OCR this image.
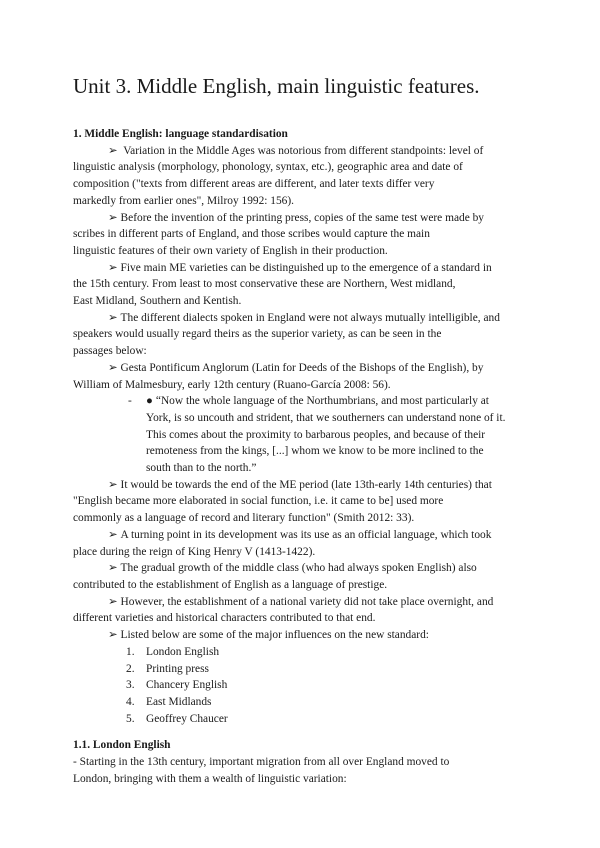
Unit 3. Middle English, main linguistic features.

1. Middle English: language standardisation

➢ Variation in the Middle Ages was notorious from different standpoints: level of
linguistic analysis (morphology, phonology, syntax, etc.), geographic area and date of
composition ("texts from different areas are different, and later texts differ very
markedly from earlier ones", Milroy 1992: 156).
➢ Before the invention of the printing press, copies of the same test were made by
scribes in different parts of England, and those scribes would capture the main
linguistic features of their own variety of English in their production.
➢ Five main ME varieties can be distinguished up to the emergence of a standard in
the 15th century. From least to most conservative these are Northern, West midland,
East Midland, Southern and Kentish.
➢ The different dialects spoken in England were not always mutually intelligible, and
speakers would usually regard theirs as the superior variety, as can be seen in the
passages below:
➢ Gesta Pontificum Anglorum (Latin for Deeds of the Bishops of the English), by
William of Malmesbury, early 12th century (Ruano-García 2008: 56).
- ● “Now the whole language of the Northumbrians, and most particularly at
York, is so uncouth and strident, that we southerners can understand none of it.
This comes about the proximity to barbarous peoples, and because of their
remoteness from the kings, [...] whom we know to be more inclined to the
south than to the north.”
➢ It would be towards the end of the ME period (late 13th-early 14th centuries) that
"English became more elaborated in social function, i.e. it came to be] used more
commonly as a language of record and literary function" (Smith 2012: 33).
➢ A turning point in its development was its use as an official language, which took
place during the reign of King Henry V (1413-1422).
➢ The gradual growth of the middle class (who had always spoken English) also
contributed to the establishment of English as a language of prestige.
➢ However, the establishment of a national variety did not take place overnight, and
different varieties and historical characters contributed to that end.
➢ Listed below are some of the major influences on the new standard:
1. London English
2. Printing press
3. Chancery English
4. East Midlands
5. Geoffrey Chaucer

1.1. London English

- Starting in the 13th century, important migration from all over England moved to
London, bringing with them a wealth of linguistic variation:
